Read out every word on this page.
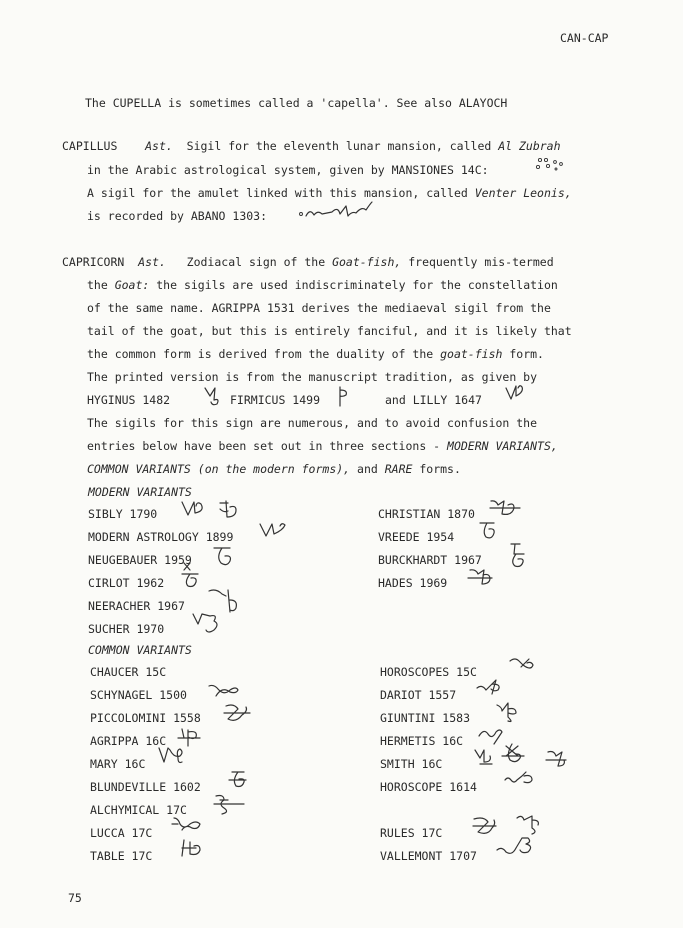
CAN-CAP
The CUPELLA is sometimes called a 'capella'. See also ALAYOCH
CAPILLUS Ast. Sigil for the eleventh lunar mansion, called Al Zubrah
in the Arabic astrological system, given by MANSIONES 14C:
A sigil for the amulet linked with this mansion, called Venter Leonis,
is recorded by ABANO 1303:
CAPRICORN Ast. Zodiacal sign of the Goat-fish, frequently mis-termed
the Goat: the sigils are used indiscriminately for the constellation
of the same name. AGRIPPA 1531 derives the mediaeval sigil from the
tail of the goat, but this is entirely fanciful, and it is likely that
the common form is derived from the duality of the goat-fish form.
The printed version is from the manuscript tradition, as given by
HYGINUS 1482	FIRMICUS 1499	and LILLY 1647
The sigils for this sign are numerous, and to avoid confusion the
entries below have been set out in three sections - MODERN VARIANTS,
COMMON VARIANTS (on the modern forms), and RARE forms.
MODERN VARIANTS
COMMON VARIANTS
SIBLY 1790
MODERN ASTROLOGY 1899
NEUGEBAUER 1959
CIRLOT 1962
NEERACHER 1967
SUCHER 1970
CHRISTIAN 1870
VREEDE 1954
BURCKHARDT 1967
HADES 1969
CHAUCER 15C
SCHYNAGEL 1500
PICCOLOMINI 1558
AGRIPPA 16C
MARY 16C
BLUNDEVILLE 1602
ALCHYMICAL 17C
LUCCA 17C
TABLE 17C
HOROSCOPES 15C
DARIOT 1557
GIUNTINI 1583
HERMETIS 16C
SMITH 16C
HOROSCOPE 1614
RULES 17C
VALLEMONT 1707
75
